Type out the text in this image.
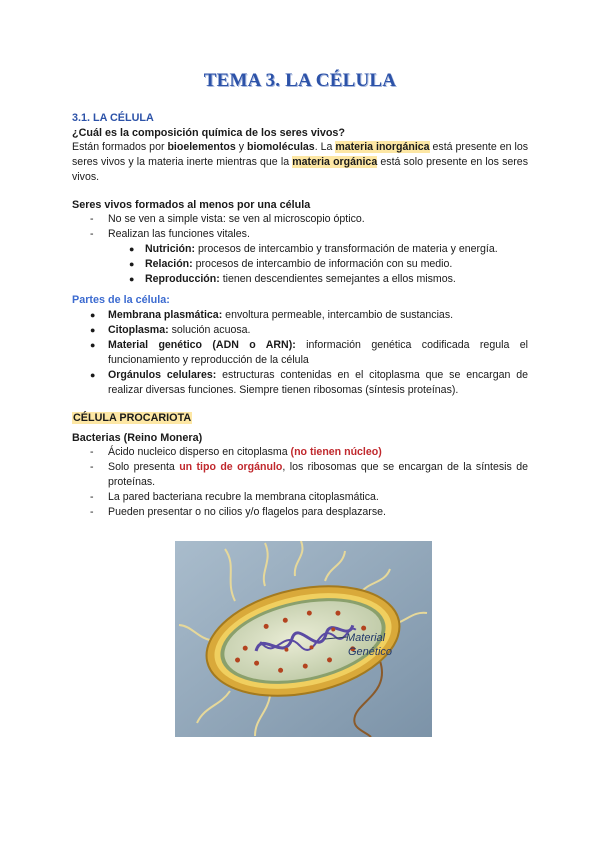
TEMA 3. LA CÉLULA
3.1. LA CÉLULA
¿Cuál es la composición química de los seres vivos?
Están formados por bioelementos y biomoléculas. La materia inorgánica está presente en los seres vivos y la materia inerte mientras que la materia orgánica está solo presente en los seres vivos.
Seres vivos formados al menos por una célula
- No se ven a simple vista: se ven al microscopio óptico.
- Realizan las funciones vitales.
● Nutrición: procesos de intercambio y transformación de materia y energía.
● Relación: procesos de intercambio de información con su medio.
● Reproducción: tienen descendientes semejantes a ellos mismos.
Partes de la célula:
● Membrana plasmática: envoltura permeable, intercambio de sustancias.
● Citoplasma: solución acuosa.
● Material genético (ADN o ARN): información genética codificada regula el funcionamiento y reproducción de la célula
● Orgánulos celulares: estructuras contenidas en el citoplasma que se encargan de realizar diversas funciones. Siempre tienen ribosomas (síntesis proteínas).
CÉLULA PROCARIOTA
Bacterias (Reino Monera)
- Ácido nucleico disperso en citoplasma (no tienen núcleo)
- Solo presenta un tipo de orgánulo, los ribosomas que se encargan de la síntesis de proteínas.
- La pared bacteriana recubre la membrana citoplasmática.
- Pueden presentar o no cilios y/o flagelos para desplazarse.
Material
Genético
